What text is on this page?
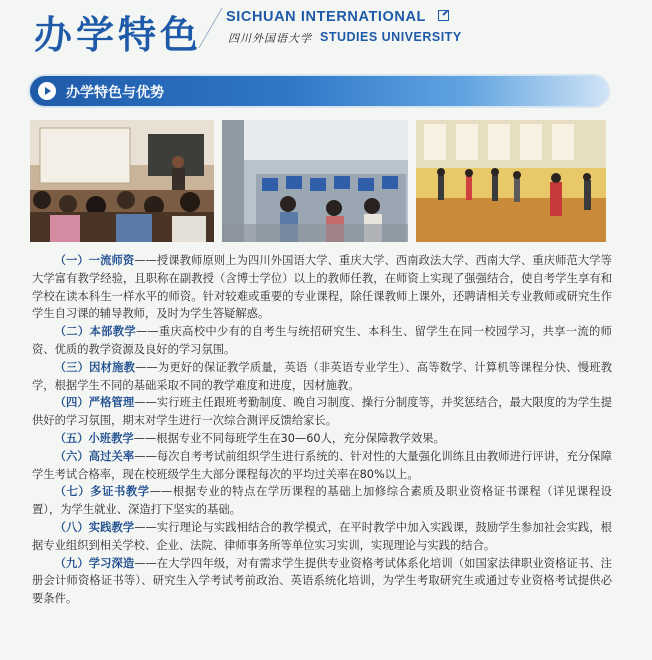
办学特色 SICHUAN INTERNATIONAL
四川外国语大学 STUDIES UNIVERSITY
办学特色与优势

（一）一流师资——授课教师原则上为四川外国语大学、重庆大学、西南政法大学、西南大学、重庆师范大学等大学富有教学经验，且职称在副教授（含博士学位）以上的教师任教，在师资上实现了强强结合，使自考学生享有和学校在读本科生一样水平的师资。针对较难或重要的专业课程，除任课教师上课外，还聘请相关专业教师或研究生作学生自习课的辅导教师，及时为学生答疑解惑。

（二）本部教学——重庆高校中少有的自考生与统招研究生、本科生、留学生在同一校园学习，共享一流的师资、优质的教学资源及良好的学习氛围。

（三）因材施教——为更好的保证教学质量，英语（非英语专业学生）、高等数学、计算机等课程分快、慢班教学，根据学生不同的基础采取不同的教学难度和进度，因材施教。

（四）严格管理——实行班主任跟班考勤制度、晚自习制度、操行分制度等，并奖惩结合，最大限度的为学生提供好的学习氛围，期末对学生进行一次综合测评反馈给家长。

（五）小班教学——根据专业不同每班学生在30—60人，充分保障教学效果。

（六）高过关率——每次自考考试前组织学生进行系统的、针对性的大量强化训练且由教师进行评讲，充分保障学生考试合格率，现在校班级学生大部分课程每次的平均过关率在80%以上。

（七）多证书教学——根据专业的特点在学历课程的基础上加修综合素质及职业资格证书课程（详见课程设置），为学生就业、深造打下坚实的基础。

（八）实践教学——实行理论与实践相结合的教学模式，在平时教学中加入实践课，鼓励学生参加社会实践，根据专业组织到相关学校、企业、法院、律师事务所等单位实习实训，实现理论与实践的结合。

（九）学习深造——在大学四年级，对有需求学生提供专业资格考试体系化培训（如国家法律职业资格证书、注册会计师资格证书等）、研究生入学考试考前政治、英语系统化培训，为学生考取研究生或通过专业资格考试提供必要条件。
